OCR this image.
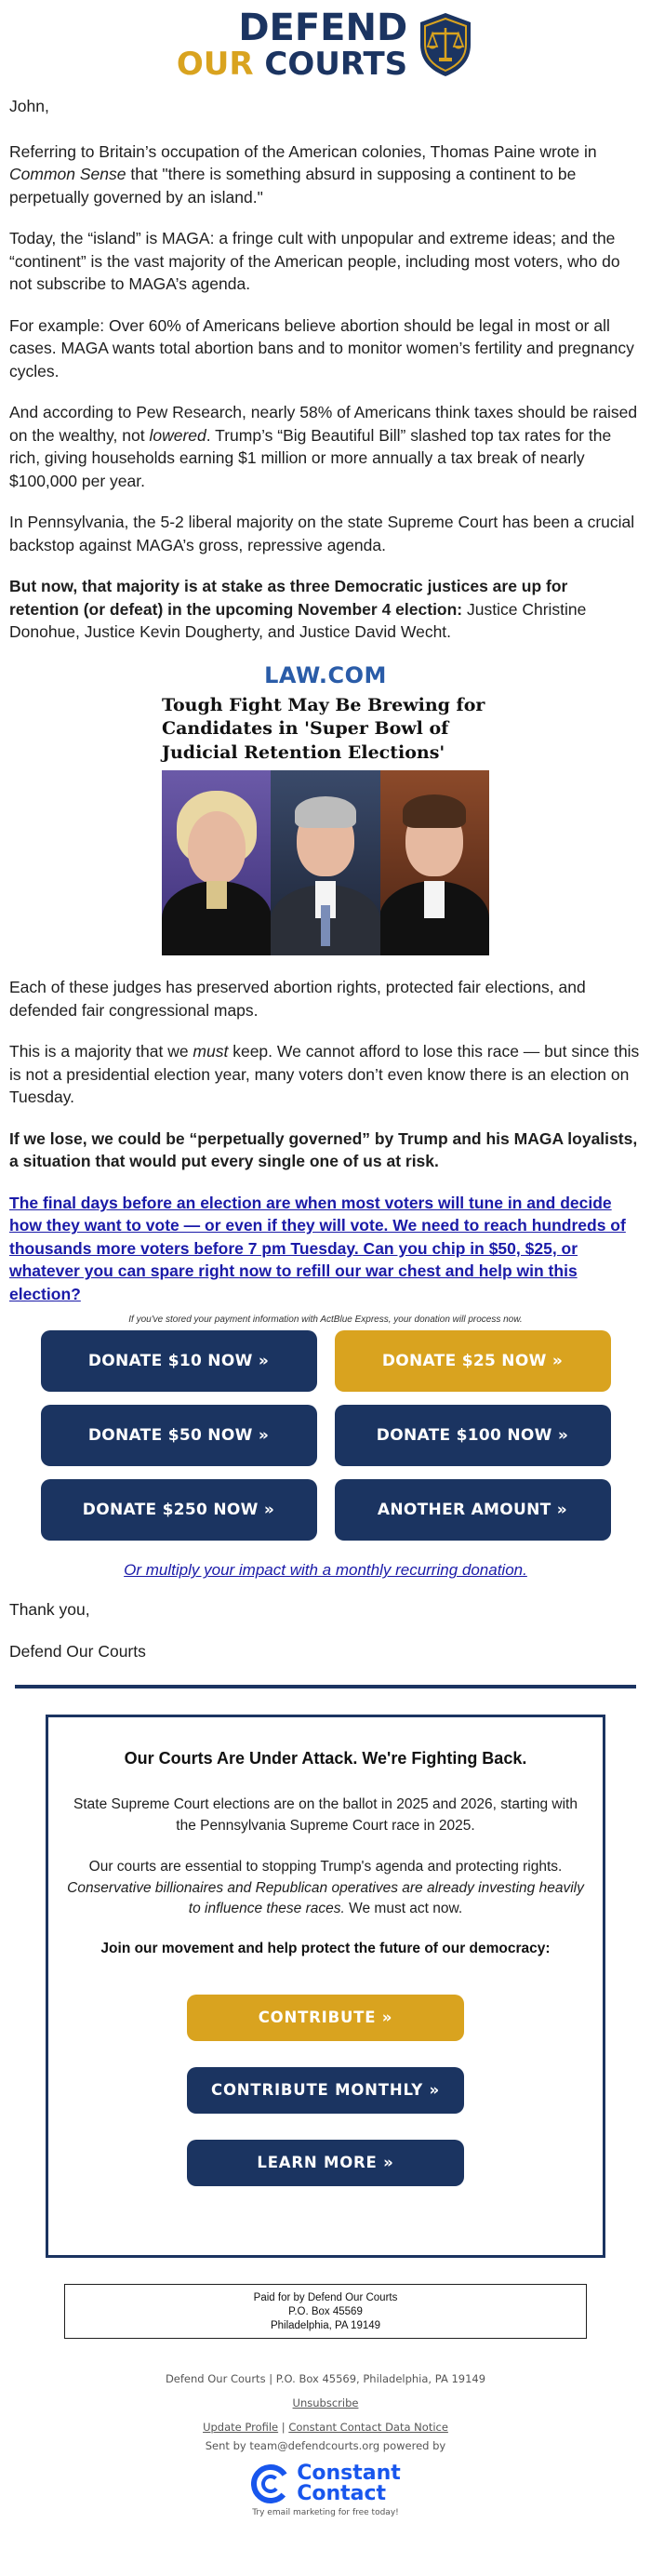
DEFEND
OUR COURTS

John,

Referring to Britain’s occupation of the American colonies, Thomas Paine wrote in Common Sense that "there is something absurd in supposing a continent to be perpetually governed by an island."

Today, the “island” is MAGA: a fringe cult with unpopular and extreme ideas; and the “continent” is the vast majority of the American people, including most voters, who do not subscribe to MAGA’s agenda.

For example: Over 60% of Americans believe abortion should be legal in most or all cases. MAGA wants total abortion bans and to monitor women’s fertility and pregnancy cycles.

And according to Pew Research, nearly 58% of Americans think taxes should be raised on the wealthy, not lowered. Trump’s “Big Beautiful Bill” slashed top tax rates for the rich, giving households earning $1 million or more annually a tax break of nearly $100,000 per year.

In Pennsylvania, the 5-2 liberal majority on the state Supreme Court has been a crucial backstop against MAGA’s gross, repressive agenda.

But now, that majority is at stake as three Democratic justices are up for retention (or defeat) in the upcoming November 4 election: Justice Christine Donohue, Justice Kevin Dougherty, and Justice David Wecht.

LAW.COM
Tough Fight May Be Brewing for Candidates in 'Super Bowl of Judicial Retention Elections'

Each of these judges has preserved abortion rights, protected fair elections, and defended fair congressional maps.

This is a majority that we must keep. We cannot afford to lose this race — but since this is not a presidential election year, many voters don’t even know there is an election on Tuesday.

If we lose, we could be “perpetually governed” by Trump and his MAGA loyalists, a situation that would put every single one of us at risk.

The final days before an election are when most voters will tune in and decide how they want to vote — or even if they will vote. We need to reach hundreds of thousands more voters before 7 pm Tuesday. Can you chip in $50, $25, or whatever you can spare right now to refill our war chest and help win this election?

If you've stored your payment information with ActBlue Express, your donation will process now.
DONATE $10 NOW »	DONATE $25 NOW »
DONATE $50 NOW »	DONATE $100 NOW »
DONATE $250 NOW »	ANOTHER AMOUNT »
Or multiply your impact with a monthly recurring donation.

Thank you,

Defend Our Courts

Our Courts Are Under Attack. We're Fighting Back.

State Supreme Court elections are on the ballot in 2025 and 2026, starting with the Pennsylvania Supreme Court race in 2025.

Our courts are essential to stopping Trump's agenda and protecting rights. Conservative billionaires and Republican operatives are already investing heavily to influence these races. We must act now.

Join our movement and help protect the future of our democracy:

CONTRIBUTE »
CONTRIBUTE MONTHLY »
LEARN MORE »
Paid for by Defend Our Courts
P.O. Box 45569
Philadelphia, PA 19149
Defend Our Courts | P.O. Box 45569, Philadelphia, PA 19149
Unsubscribe
Update Profile | Constant Contact Data Notice
Sent by team@defendcourts.org powered by
Constant
Contact
Try email marketing for free today!
